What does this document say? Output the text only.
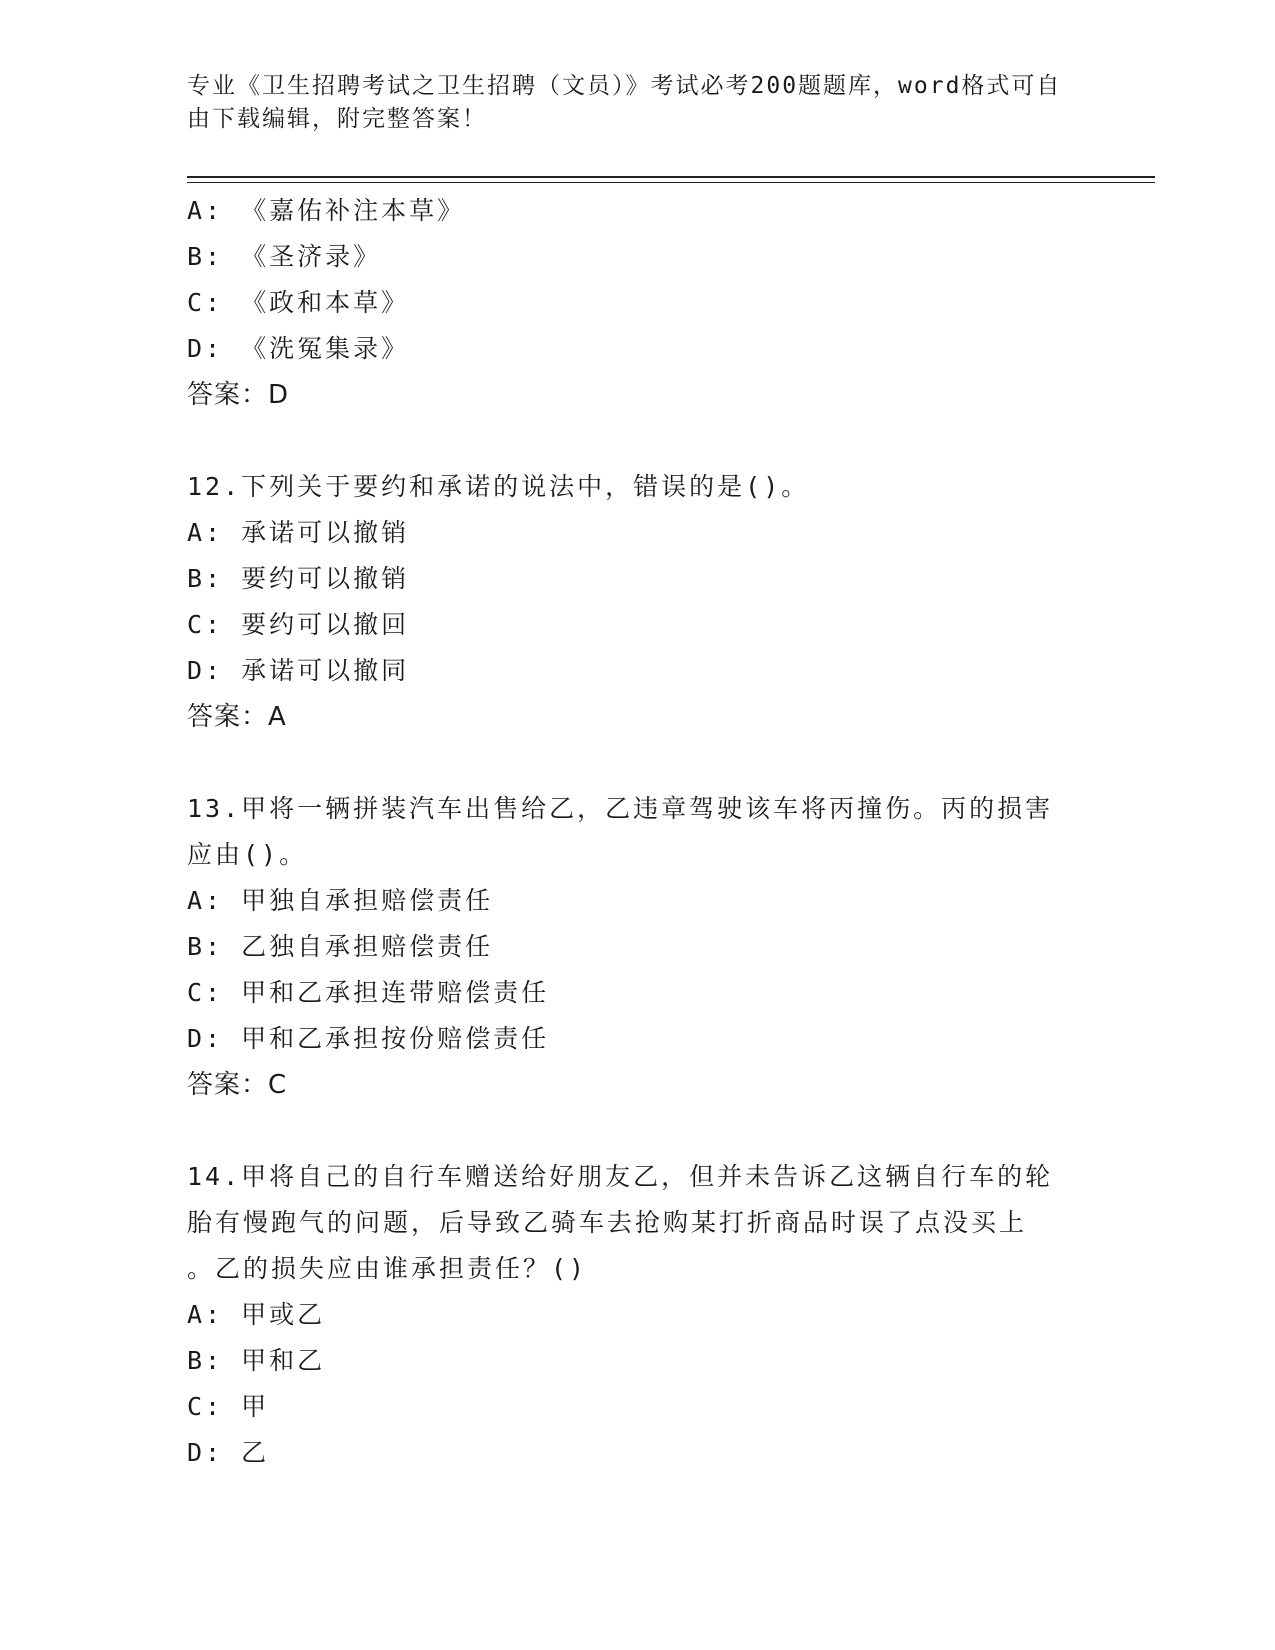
专业《卫生招聘考试之卫生招聘（文员）》考试必考200题题库，word格式可自
由下载编辑，附完整答案！
A: 《嘉佑补注本草》
B: 《圣济录》
C: 《政和本草》
D: 《洗冤集录》
答案：D
12.下列关于要约和承诺的说法中，错误的是()。
A: 承诺可以撤销
B: 要约可以撤销
C: 要约可以撤回
D: 承诺可以撤同
答案：A
13.甲将一辆拼装汽车出售给乙，乙违章驾驶该车将丙撞伤。丙的损害
应由()。
A: 甲独自承担赔偿责任
B: 乙独自承担赔偿责任
C: 甲和乙承担连带赔偿责任
D: 甲和乙承担按份赔偿责任
答案：C
14.甲将自己的自行车赠送给好朋友乙，但并未告诉乙这辆自行车的轮
胎有慢跑气的问题，后导致乙骑车去抢购某打折商品时误了点没买上
。乙的损失应由谁承担责任？()
A: 甲或乙
B: 甲和乙
C: 甲
D: 乙
